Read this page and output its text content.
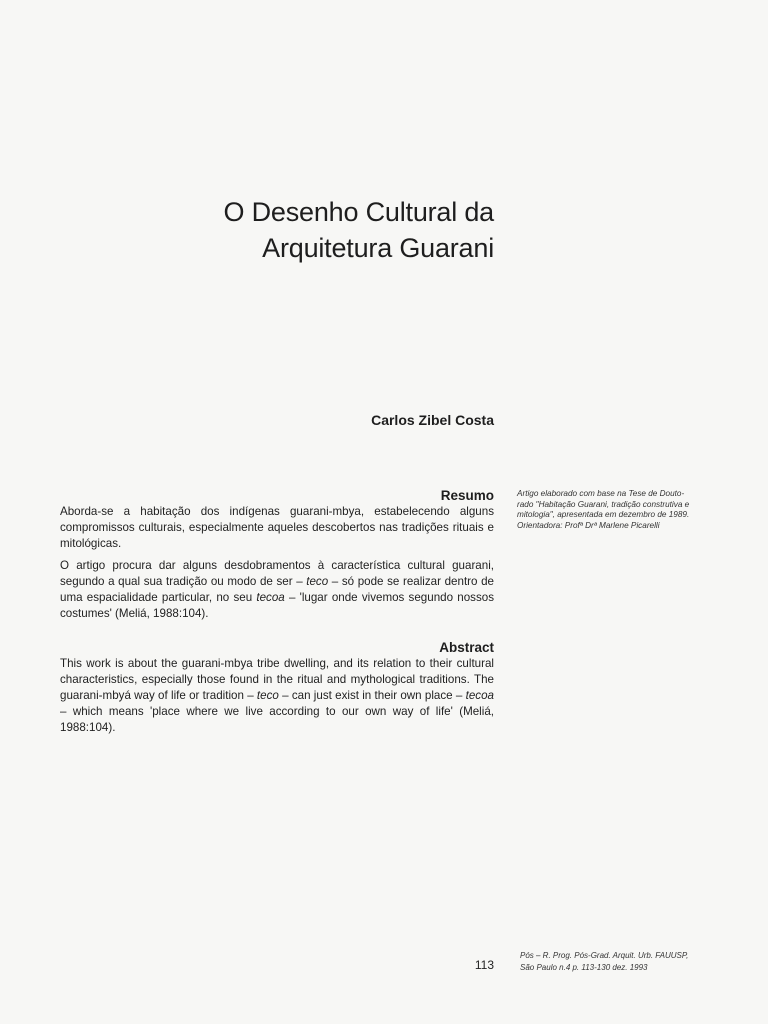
O Desenho Cultural da
Arquitetura Guarani
Carlos Zibel Costa
Resumo

Aborda-se a habitação dos indígenas guarani-mbya, estabelecendo alguns compromissos culturais, especialmente aqueles descobertos nas tradições rituais e mitológicas.

O artigo procura dar alguns desdobramentos à característica cultural guarani, segundo a qual sua tradição ou modo de ser – teco – só pode se realizar dentro de uma espacialidade particular, no seu tecoa – 'lugar onde vivemos segundo nossos costumes' (Meliá, 1988:104).

Abstract

This work is about the guarani-mbya tribe dwelling, and its relation to their cultural characteristics, especially those found in the ritual and mythological traditions. The guarani-mbyá way of life or tradition – teco – can just exist in their own place – tecoa – which means 'place where we live according to our own way of life' (Meliá, 1988:104).

Artigo elaborado com base na Tese de Douto-
rado "Habitação Guarani, tradição construtiva e
mitologia", apresentada em dezembro de 1989.
Orientadora: Profª Drª Marlene Picarelli
113
Pós – R. Prog. Pós-Grad. Arquit. Urb. FAUUSP,
São Paulo n.4 p. 113-130 dez. 1993
